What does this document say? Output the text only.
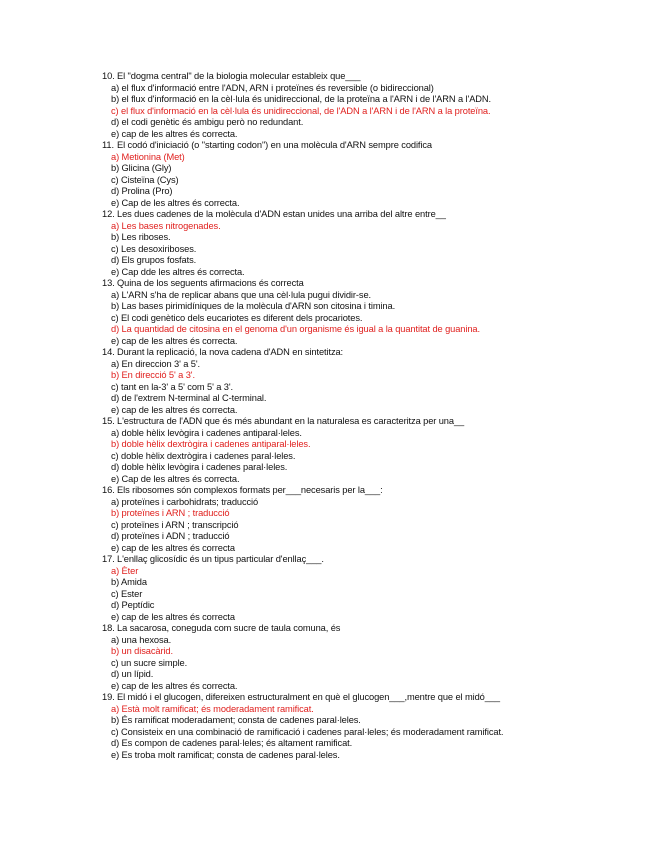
10. El "dogma central" de la biologia molecular estableix que___
a) el flux d'informació entre l'ADN, ARN i proteïnes és reversible (o bidireccional)
b) el flux d'informació en la cèl·lula és unidireccional, de la proteïna a l'ARN i de l'ARN a l'ADN.
c) el flux d'informació en la cèl·lula és unidireccional, de l'ADN a l'ARN i de l'ARN a la proteïna.
d) el codi genètic és ambigu però no redundant.
e) cap de les altres és correcta.
11. El codó d'iniciació (o "starting codon") en una molècula d'ARN sempre codifica
a) Metionina (Met)
b) Glicina (Gly)
c) Cisteïna (Cys)
d) Prolina (Pro)
e) Cap de les altres és correcta.
12. Les dues cadenes de la molècula d'ADN estan unides una arriba del altre entre__
a) Les bases nitrogenades.
b) Les riboses.
c) Les desoxiriboses.
d) Els grupos fosfats.
e) Cap dde les altres és correcta.
13. Quina de los seguents afirmacions és correcta
a) L'ARN s'ha de replicar abans que una cèl·lula pugui dividir-se.
b) Las bases pirimidíniques de la molècula d'ARN son citosina i timina.
c) El codi genètico dels eucariotes es diferent dels procariotes.
d) La quantidad de citosina en el genoma d'un organisme és igual a la quantitat de guanina.
e) cap de les altres és correcta.
14. Durant la replicació, la nova cadena d'ADN en sintetitza:
a) En direccion 3' a 5'.
b) En direcció 5' a 3'.
c) tant en la-3' a 5' com 5' a 3'.
d) de l'extrem N-terminal al C-terminal.
e) cap de les altres és correcta.
15. L'estructura de l'ADN que és més abundant en la naturalesa es caracteritza per una__
a) doble hèlix levògira i cadenes antiparal·leles.
b) doble hèlix dextrògira i cadenes antiparal·leles.
c) doble hèlix dextrògira i cadenes paral·leles.
d) doble hèlix levògira i cadenes paral·leles.
e) Cap de les altres és correcta.
16. Els ribosomes són complexos formats per___necesaris per la___:
a) proteïnes i carbohidrats; traducció
b) proteïnes i ARN ; traducció
c) proteïnes i ARN ; transcripció
d) proteïnes i ADN ; traducció
e) cap de les altres és correcta
17. L'enllaç glicosídic és un tipus particular d'enllaç___.
a) Èter
b) Amida
c) Ester
d) Peptídic
e) cap de les altres és correcta
18. La sacarosa, coneguda com sucre de taula comuna, és
a) una hexosa.
b) un disacàrid.
c) un sucre simple.
d) un lípid.
e) cap de les altres és correcta.
19. El midó i el glucogen, difereixen estructuralment en què el glucogen___,mentre que el midó___
a) Està molt ramificat; és moderadament ramificat.
b) És ramificat moderadament; consta de cadenes paral·leles.
c) Consisteix en una combinació de ramificació i cadenes paral·leles; és moderadament ramificat.
d) Es compon de cadenes paral·leles; és altament ramificat.
e) Es troba molt ramificat; consta de cadenes paral·leles.
